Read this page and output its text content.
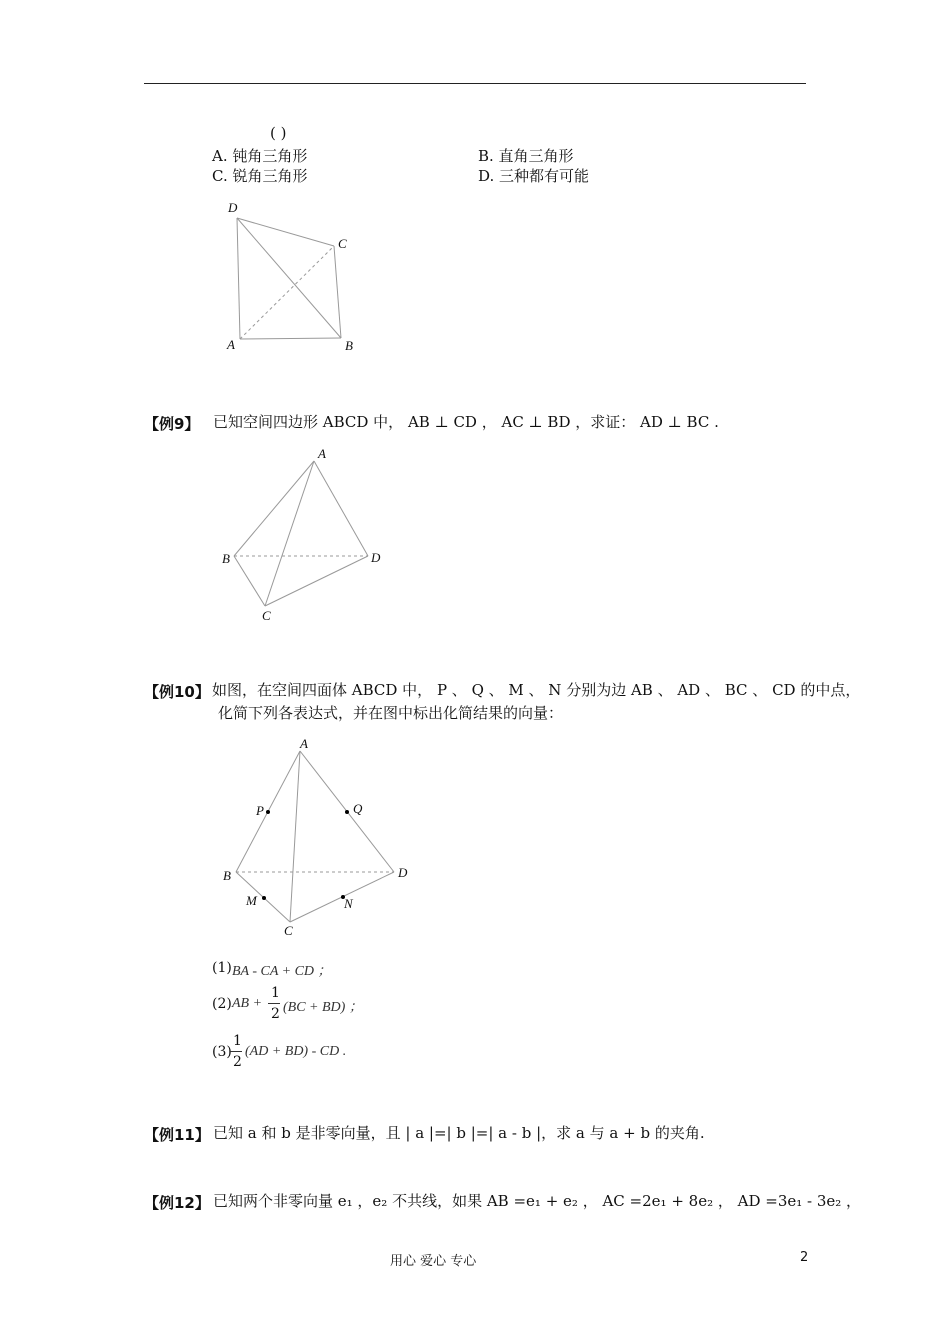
( )
A. 钝角三角形	B. 直角三角形
C. 锐角三角形	D. 三种都有可能
D
C
A	B
【例9】 已知空间四边形 ABCD 中， AB ⊥ CD ， AC ⊥ BD ，求证： AD ⊥ BC .
A
B	D
C
【例10】 如图，在空间四面体 ABCD 中， P 、 Q 、 M 、 N 分别为边 AB 、 AD 、 BC 、 CD 的中点，
化简下列各表达式，并在图中标出化简结果的向量：
A
P	Q
B	D
M	N
C
(1) BA - CA + CD ；
(2) AB +
1
2 (BC + BD) ；
(3)
1
2
(AD + BD) - CD .
【例11】 已知 a 和 b 是非零向量，且 | a |=| b |=| a - b |，求 a 与 a + b 的夹角.
【例12】 已知两个非零向量 e₁ ，e₂ 不共线，如果 AB =e₁ + e₂ ， AC =2e₁ + 8e₂ ， AD =3e₁ - 3e₂ ，
用心 爱心 专心	2
